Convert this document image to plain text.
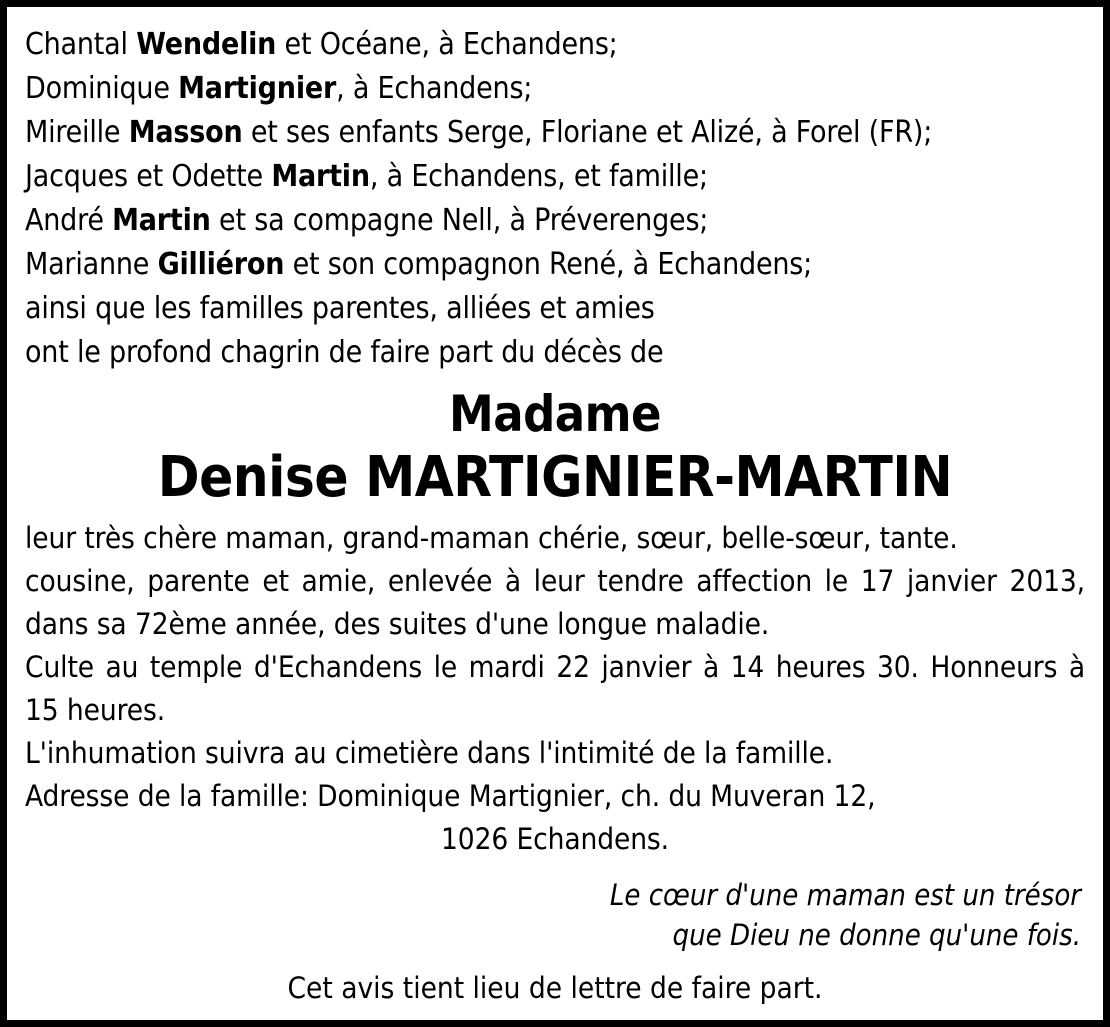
Chantal Wendelin et Océane, à Echandens;
Dominique Martignier, à Echandens;
Mireille Masson et ses enfants Serge, Floriane et Alizé, à Forel (FR);
Jacques et Odette Martin, à Echandens, et famille;
André Martin et sa compagne Nell, à Préverenges;
Marianne Gilliéron et son compagnon René, à Echandens;
ainsi que les familles parentes, alliées et amies
ont le profond chagrin de faire part du décès de
Madame
Denise MARTIGNIER-MARTIN

leur très chère maman, grand-maman chérie, sœur, belle-sœur, tante.

cousine, parente et amie, enlevée à leur tendre affection le 17 janvier 2013, dans sa 72ème année, des suites d'une longue maladie.

Culte au temple d'Echandens le mardi 22 janvier à 14 heures 30. Honneurs à 15 heures.

L'inhumation suivra au cimetière dans l'intimité de la famille.

Adresse de la famille: Dominique Martignier, ch. du Muveran 12,

1026 Echandens.

Le cœur d'une maman est un trésor
que Dieu ne donne qu'une fois.
Cet avis tient lieu de lettre de faire part.
